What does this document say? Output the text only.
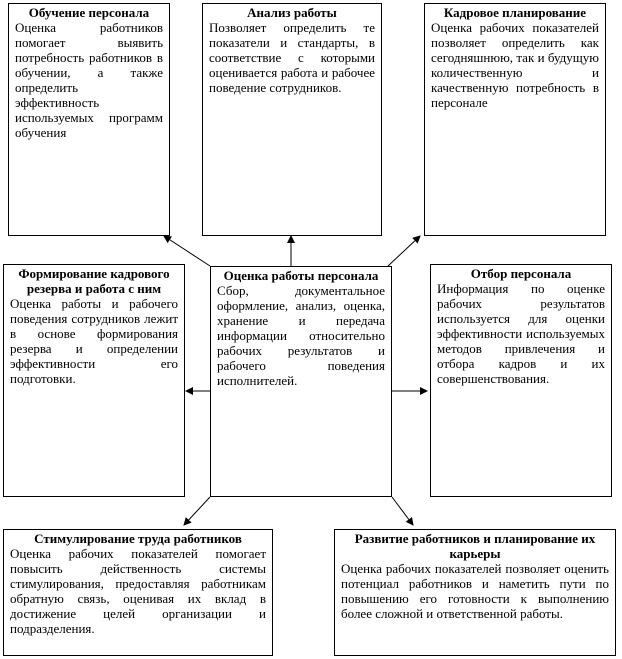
Обучение персонала
Оценка работников помогает выявить потребность работников в обучении, а также определить эффективность используемых программ обучения
Анализ работы
Позволяет определить те показатели и стандарты, в соответствие с которыми оценивается работа и рабочее поведение сотрудников.
Кадровое планирование
Оценка рабочих показателей позволяет определить как сегодняшнюю, так и будущую количественную и качественную потребность в персонале
Формирование кадрового резерва и работа с ним
Оценка работы и рабочего поведения сотрудников лежит в основе формирования резерва и определении эффективности его подготовки.
Оценка работы персонала
Сбор, документальное оформление, анализ, оценка, хранение и передача информации относительно рабочих результатов и рабочего поведения исполнителей.
Отбор персонала
Информация по оценке рабочих результатов используется для оценки эффективности используемых методов привлечения и отбора кадров и их совершенствования.
Стимулирование труда работников
Оценка рабочих показателей помогает повысить действенность системы стимулирования, предоставляя работникам обратную связь, оценивая их вклад в достижение целей организации и подразделения.
Развитие работников и планирование их карьеры
Оценка рабочих показателей позволяет оценить потенциал работников и наметить пути по повышению его готовности к выполнению более сложной и ответственной работы.
